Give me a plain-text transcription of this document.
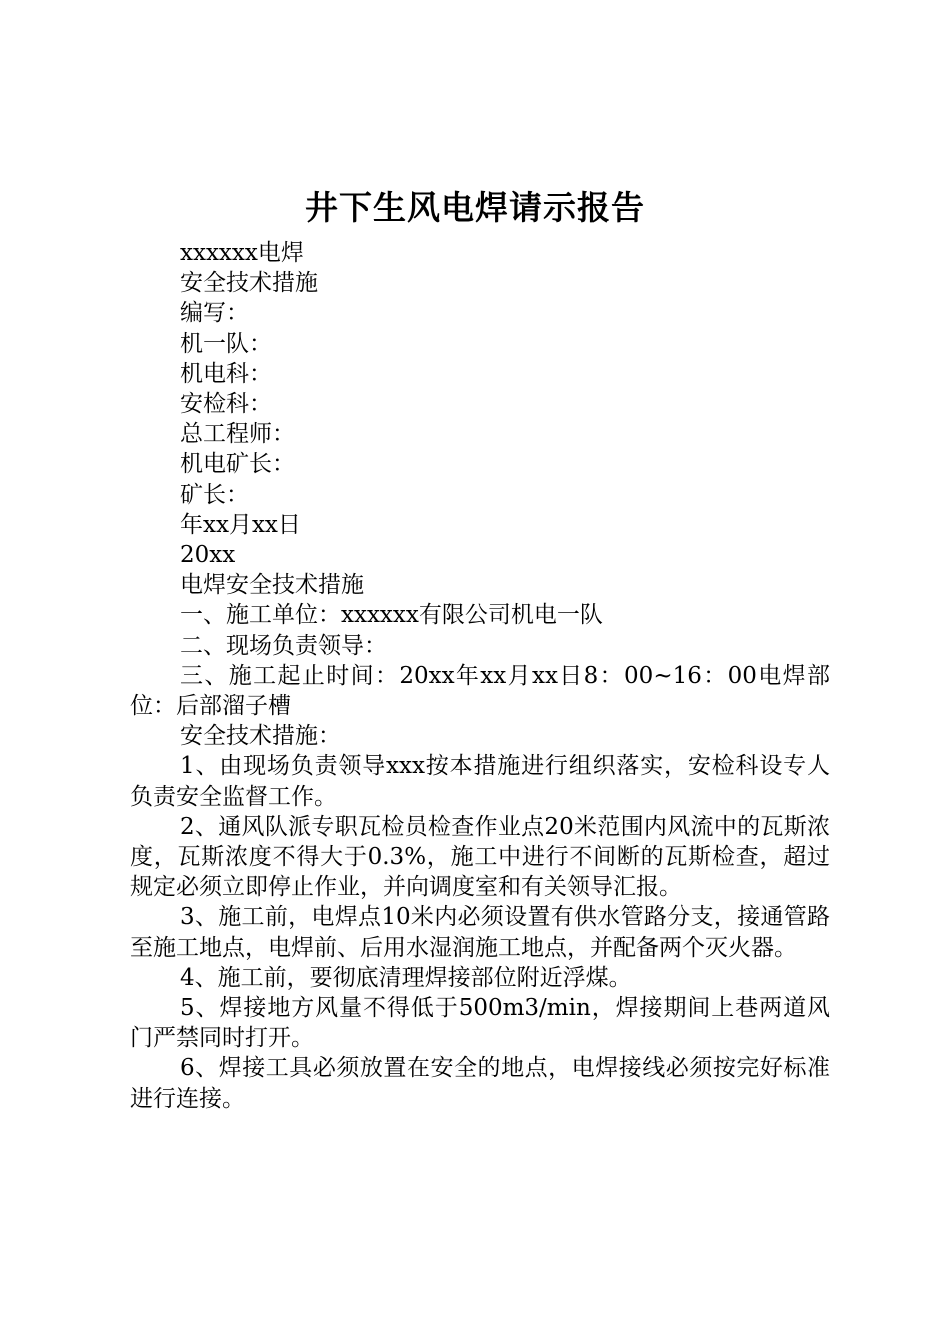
井下生风电焊请示报告

xxxxxx电焊

安全技术措施

编写：

机一队：

机电科：

安检科：

总工程师：

机电矿长：

矿长：

年xx月xx日

20xx

电焊安全技术措施

一、施工单位：xxxxxx有限公司机电一队

二、现场负责领导：

三、施工起止时间：20xx年xx月xx日8：00~16：00电焊部位：后部溜子槽

安全技术措施：

1、由现场负责领导xxx按本措施进行组织落实，安检科设专人负责安全监督工作。

2、通风队派专职瓦检员检查作业点20米范围内风流中的瓦斯浓度，瓦斯浓度不得大于0.3%，施工中进行不间断的瓦斯检查，超过规定必须立即停止作业，并向调度室和有关领导汇报。

3、施工前，电焊点10米内必须设置有供水管路分支，接通管路至施工地点，电焊前、后用水湿润施工地点，并配备两个灭火器。

4、施工前，要彻底清理焊接部位附近浮煤。

5、焊接地方风量不得低于500m3/min，焊接期间上巷两道风门严禁同时打开。

6、焊接工具必须放置在安全的地点，电焊接线必须按完好标准进行连接。
